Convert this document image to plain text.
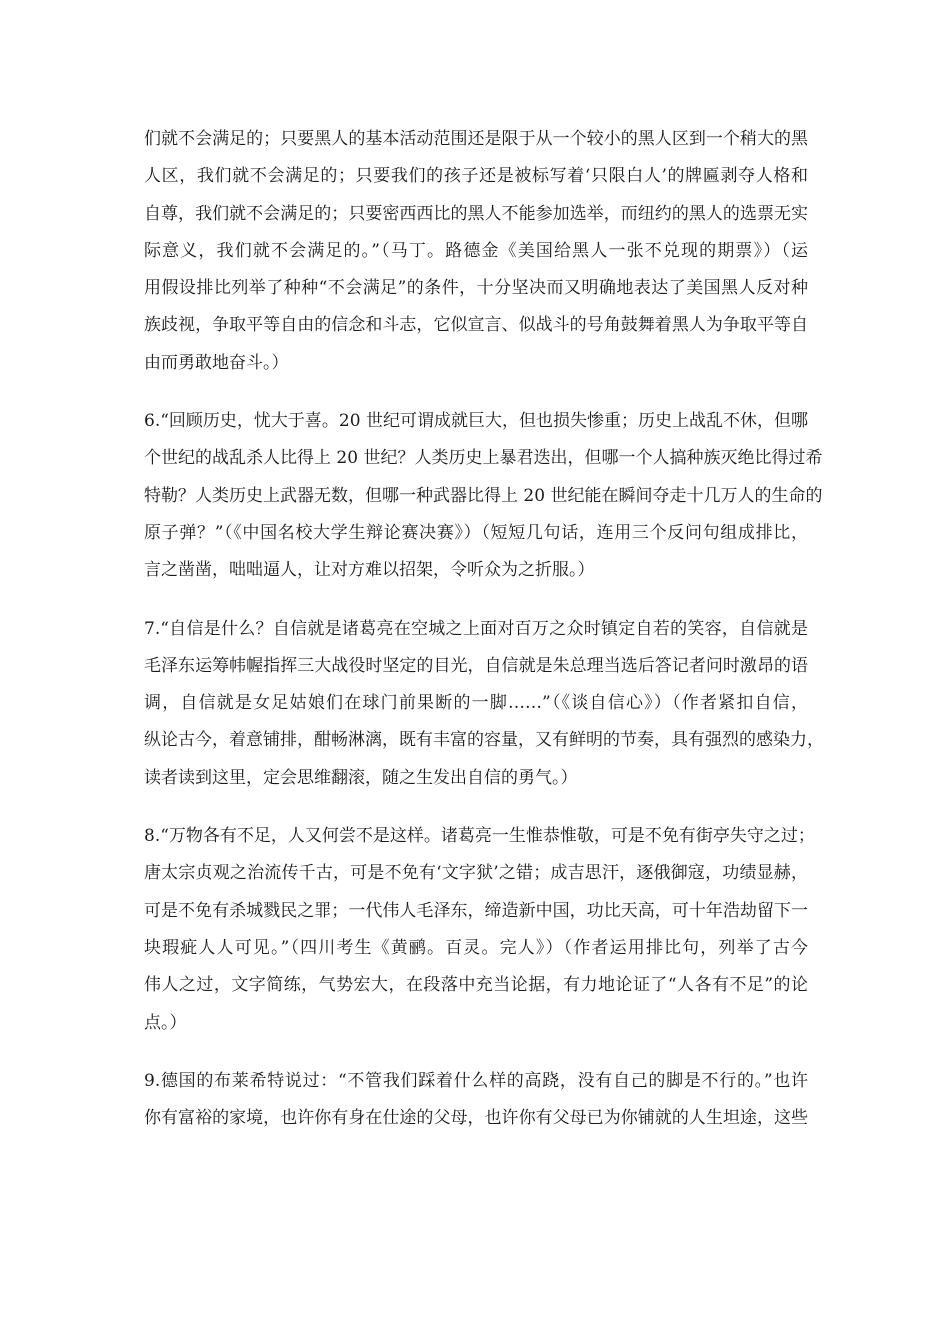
们就不会满足的；只要黑人的基本活动范围还是限于从一个较小的黑人区到一个稍大的黑
人区，我们就不会满足的；只要我们的孩子还是被标写着‘只限白人’的牌匾剥夺人格和
自尊，我们就不会满足的；只要密西西比的黑人不能参加选举，而纽约的黑人的选票无实
际意义，我们就不会满足的。”（马丁。路德金《美国给黑人一张不兑现的期票》）（运
用假设排比列举了种种“不会满足”的条件，十分坚决而又明确地表达了美国黑人反对种
族歧视，争取平等自由的信念和斗志，它似宣言、似战斗的号角鼓舞着黑人为争取平等自
由而勇敢地奋斗。）
6.“回顾历史，忧大于喜。20 世纪可谓成就巨大，但也损失惨重；历史上战乱不休，但哪
个世纪的战乱杀人比得上 20 世纪？人类历史上暴君迭出，但哪一个人搞种族灭绝比得过希
特勒？人类历史上武器无数，但哪一种武器比得上 20 世纪能在瞬间夺走十几万人的生命的
原子弹？”（《中国名校大学生辩论赛决赛》）（短短几句话，连用三个反问句组成排比，
言之凿凿，咄咄逼人，让对方难以招架，令听众为之折服。）
7.“自信是什么？自信就是诸葛亮在空城之上面对百万之众时镇定自若的笑容，自信就是
毛泽东运筹帏幄指挥三大战役时坚定的目光，自信就是朱总理当选后答记者问时激昂的语
调，自信就是女足姑娘们在球门前果断的一脚……”（《谈自信心》）（作者紧扣自信，
纵论古今，着意铺排，酣畅淋漓，既有丰富的容量，又有鲜明的节奏，具有强烈的感染力，
读者读到这里，定会思维翻滚，随之生发出自信的勇气。）
8.“万物各有不足，人又何尝不是这样。诸葛亮一生惟恭惟敬，可是不免有街亭失守之过；
唐太宗贞观之治流传千古，可是不免有‘文字狱’之错；成吉思汗，逐俄御寇，功绩显赫，
可是不免有杀城戮民之罪；一代伟人毛泽东，缔造新中国，功比天高，可十年浩劫留下一
块瑕疵人人可见。”（四川考生《黄鹂。百灵。完人》）（作者运用排比句，列举了古今
伟人之过，文字简练，气势宏大，在段落中充当论据，有力地论证了“人各有不足”的论
点。）
9.德国的布莱希特说过：“不管我们踩着什么样的高跷，没有自己的脚是不行的。”也许
你有富裕的家境，也许你有身在仕途的父母，也许你有父母已为你铺就的人生坦途，这些
